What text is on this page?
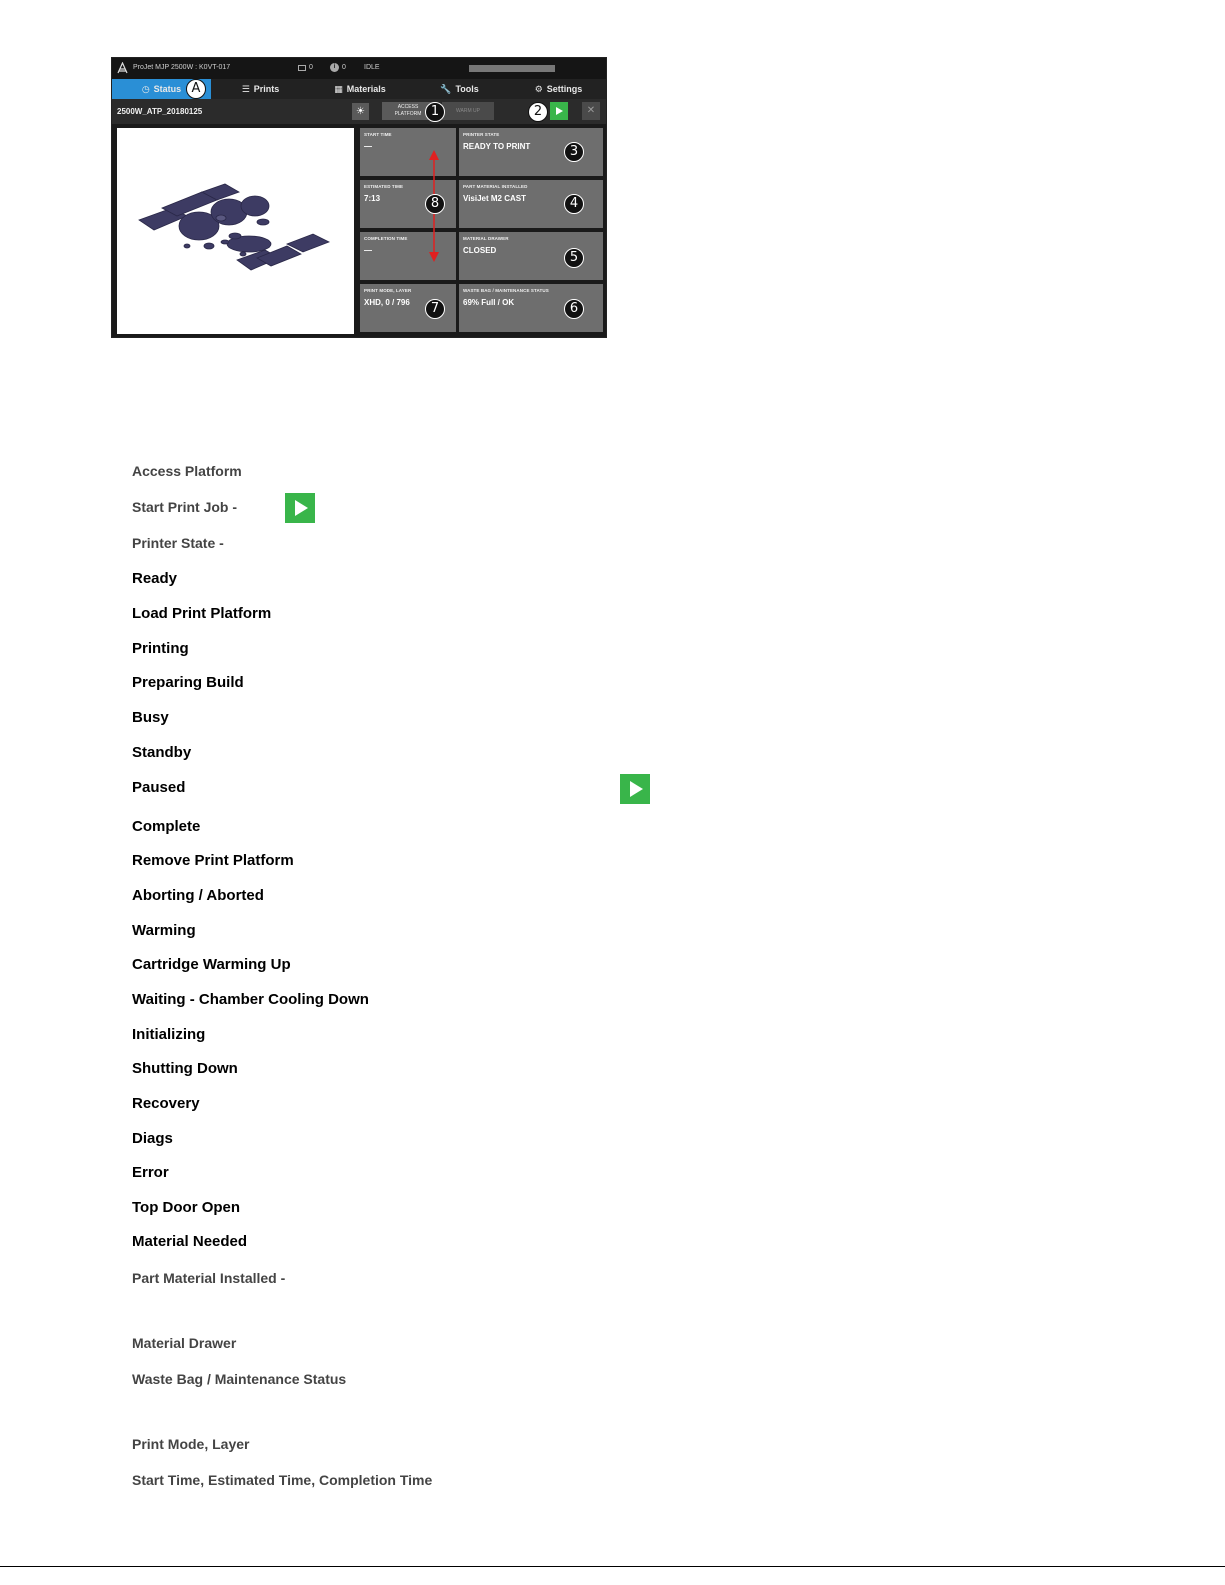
ProJet MJP 2500W : K0VT-017	0	i 0	IDLE
◷ Status	☰ Prints	▦ Materials	🔧 Tools	⚙ Settings
2500W_ATP_20180125	☀	ACCESS
PLATFORM	WARM UP	✕
START TIME
—
ESTIMATED TIME
7:13
COMPLETION TIME
—
PRINT MODE, LAYER
XHD, 0 / 796
PRINTER STATE
READY TO PRINT
PART MATERIAL INSTALLED
VisiJet M2 CAST
MATERIAL DRAWER
CLOSED
WASTE BAG / MAINTENANCE STATUS
69% Full / OK
A
1	2
3
4
5
6
7
8
Access Platform
Start Print Job -
Printer State -
Ready
Load Print Platform
Printing
Preparing Build
Busy
Standby
Paused
Complete
Remove Print Platform
Aborting / Aborted
Warming
Cartridge Warming Up
Waiting - Chamber Cooling Down
Initializing
Shutting Down
Recovery
Diags
Error
Top Door Open
Material Needed
Part Material Installed -
Material Drawer
Waste Bag / Maintenance Status
Print Mode, Layer
Start Time, Estimated Time, Completion Time
